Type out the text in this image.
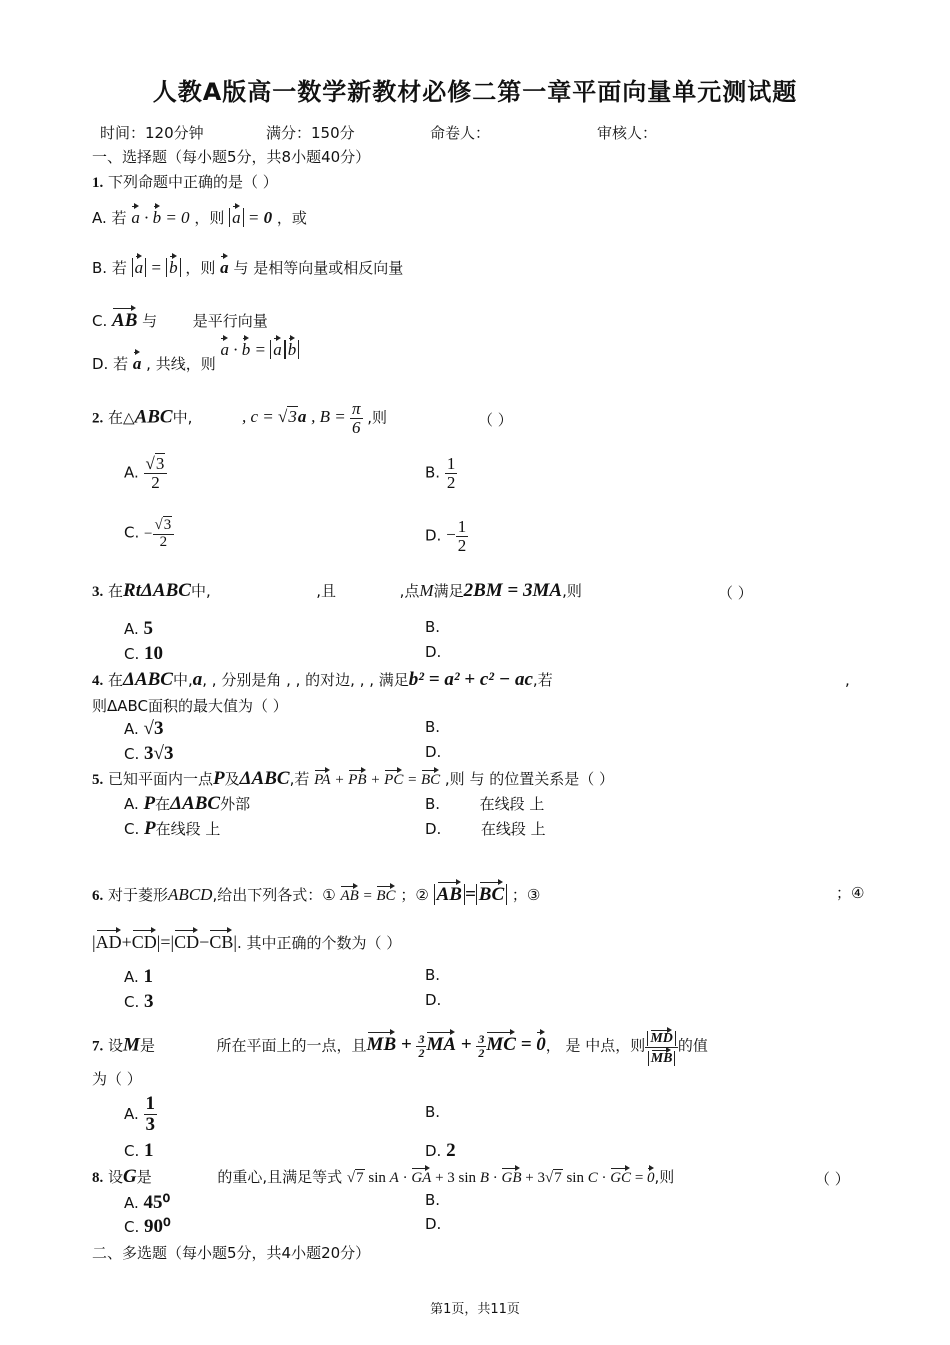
人教A版高一数学新教材必修二第一章平面向量单元测试题
时间：120分钟	满分：150分	命卷人：	审核人：
一、选择题（每小题5分，共8小题40分）
1. 下列命题中正确的是（ ）
A. 若 a · b = 0 ，则 a = 0 ，或
B. 若 a = b ，则 a 与 是相等向量或相反向量
C. AB 与 是平行向量
D. 若 a , 共线，则 a · b = a b
2. 在△ABC中,	, c = √3a , $B = \frac{\pi}{6}$ ,则	（ ）
A. $\frac{√3}{2}$	B. $\frac{1}{2}$
C. − $\frac{√3}{2}$	D. − $\frac{1}{2}$
3. 在RtΔABC中,	,且	,点M满足2BM = 3MA,则	（ ）
A. 5	B.
C. 10	D.
4. 在ΔABC中,a, , 分别是角 , , 的对边, , , 满足b² = a² + c² − ac,若	,
则ΔABC面积的最大值为（ ）
A. √3	B.
C. 3√3	D.
5. 已知平面内一点P及ΔABC,若 PA + PB + PC = BC ,则 与 的位置关系是（ ）
A. P在ΔABC外部	B.	在线段 上
C. P在线段 上	D.	在线段 上
6. 对于菱形ABCD,给出下列各式：① AB = BC ；② AB = BC ；③	；④
|AD+CD|=|CD−CB|. 其中正确的个数为（ ）
A. 1	B.
C. 3	D.
7. 设M是	所在平面上的一点，且MB + $\frac{3}{2}$ MA + $\frac{3}{2}$ MC = 0， 是 中点，则 $\frac{MD}{MB}$ 的值
为（ ）
A. $\frac{1}{3}$	B.
C. 1	D. 2
8. 设G是	的重心,且满足等式 √7 sin A · GA + 3 sin B · GB + 3√7 sin C · GC = 0,则	（ ）
A. 45⁰	B.
C. 90⁰	D.
二、多选题（每小题5分，共4小题20分）
第1页，共11页
